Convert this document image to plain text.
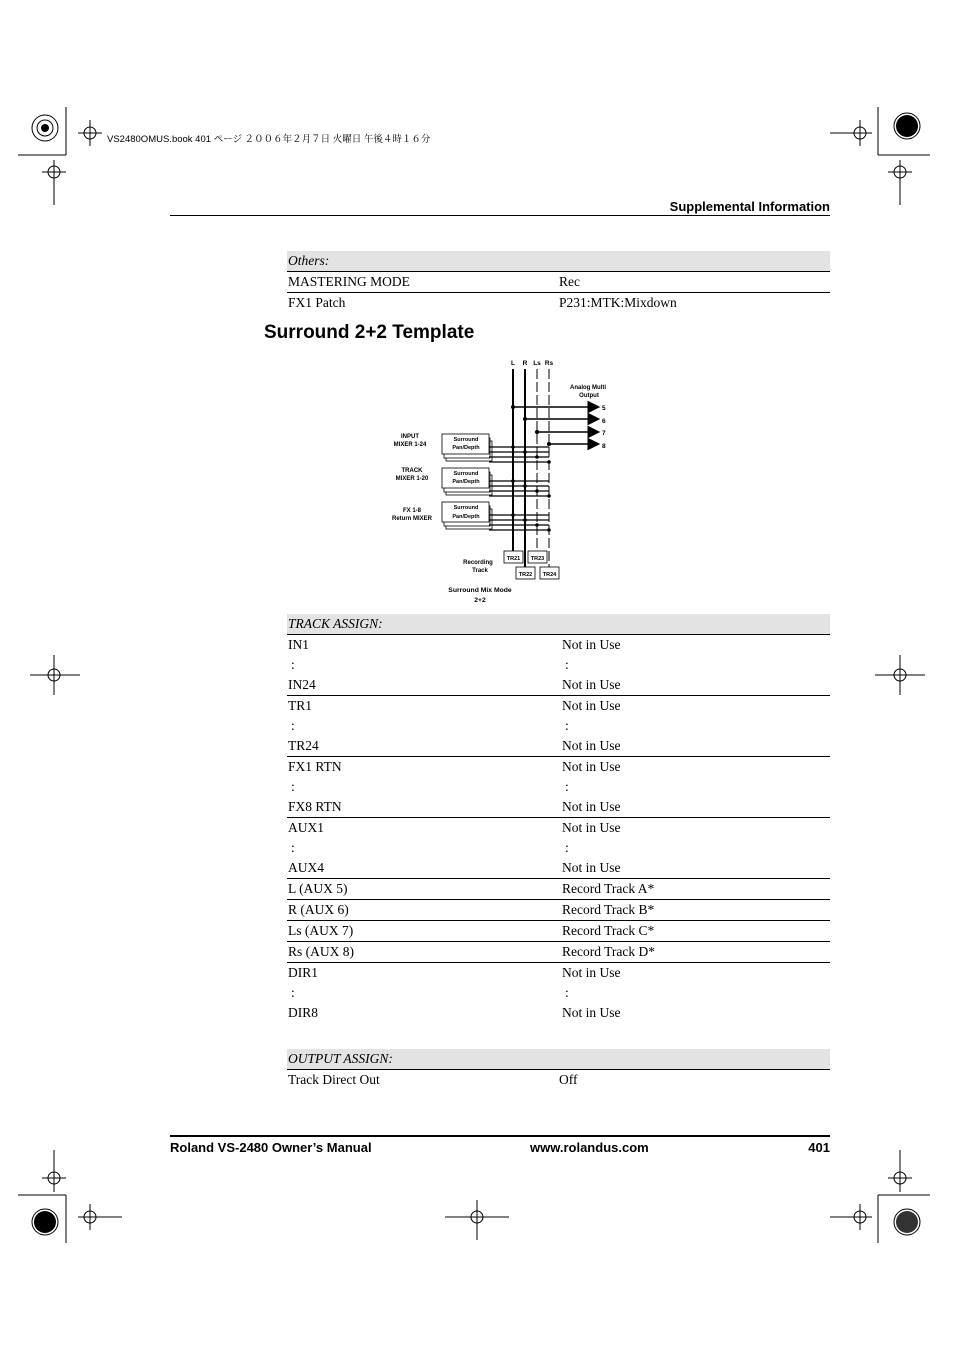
VS2480OMUS.book 401 ページ ２００６年２月７日 火曜日 午後４時１６分
Supplemental Information
Others:	
MASTERING MODE	Rec
FX1 Patch	P231:MTK:Mixdown
Surround 2+2 Template
L R Ls Rs
Analog Multi
Output
5
6
7
8
INPUT
MIXER 1-24
TRACK
MIXER 1-20
FX 1-8
Return MIXER
Surround
Pan/Depth
Surround
Pan/Depth
Surround
Pan/Depth
TR21 TR23
TR22 TR24
Recording
Track
Surround Mix Mode
2+2
TRACK ASSIGN:	
IN1	Not in Use
:	:
IN24	Not in Use
TR1	Not in Use
:	:
TR24	Not in Use
FX1 RTN	Not in Use
:	:
FX8 RTN	Not in Use
AUX1	Not in Use
:	:
AUX4	Not in Use
L (AUX 5)	Record Track A*
R (AUX 6)	Record Track B*
Ls (AUX 7)	Record Track C*
Rs (AUX 8)	Record Track D*
DIR1	Not in Use
:	:
DIR8	Not in Use
OUTPUT ASSIGN:
Track Direct Out	Off
Roland VS-2480 Owner’s Manual	www.rolandus.com	401
